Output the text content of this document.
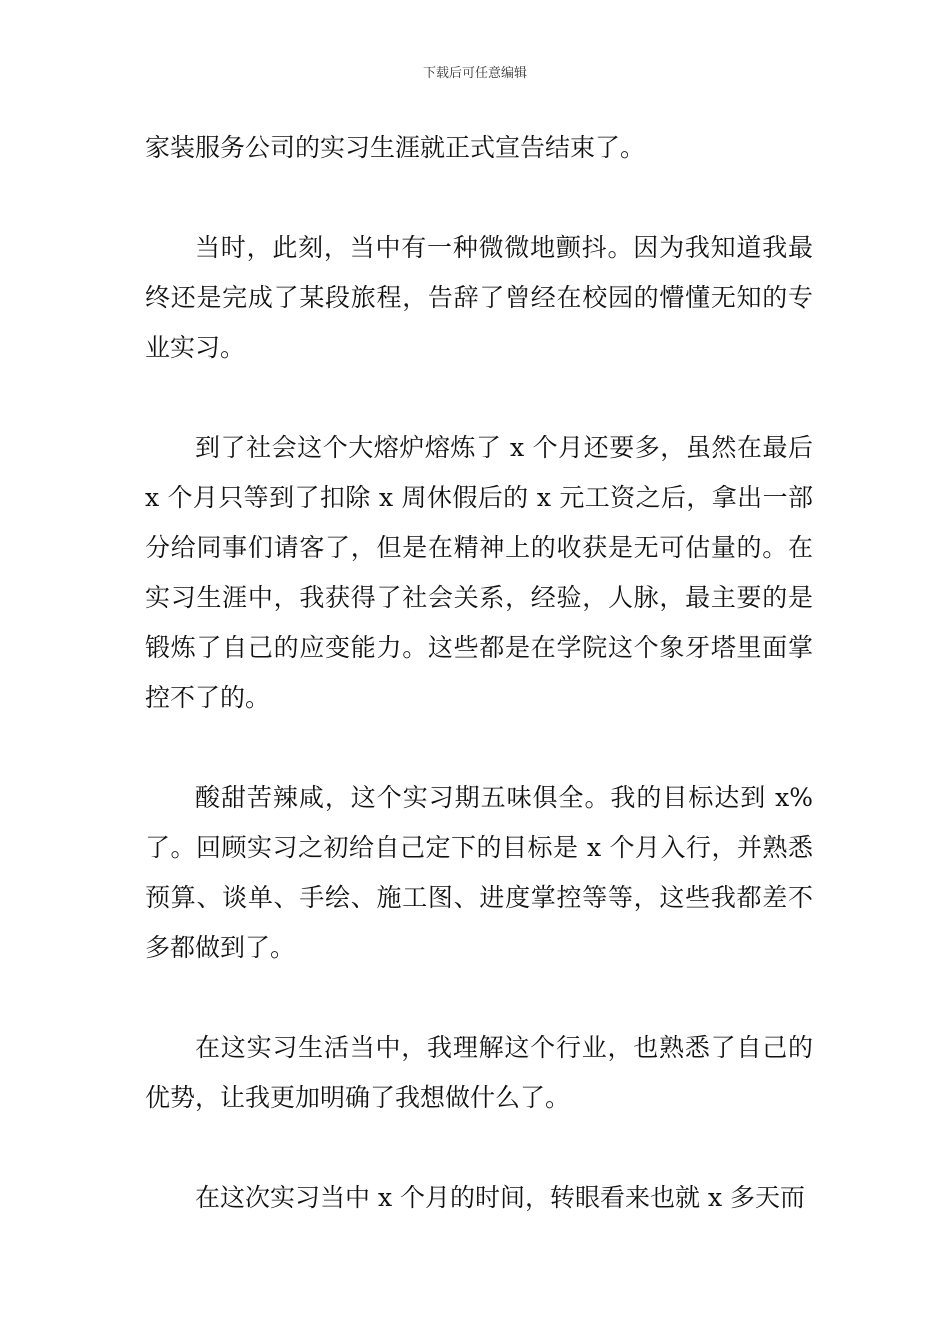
下载后可任意编辑

家装服务公司的实习生涯就正式宣告结束了。

当时，此刻，当中有一种微微地颤抖。因为我知道我最终还是完成了某段旅程，告辞了曾经在校园的懵懂无知的专业实习。

到了社会这个大熔炉熔炼了 x 个月还要多，虽然在最后 x 个月只等到了扣除 x 周休假后的 x 元工资之后，拿出一部分给同事们请客了，但是在精神上的收获是无可估量的。在实习生涯中，我获得了社会关系，经验，人脉，最主要的是锻炼了自己的应变能力。这些都是在学院这个象牙塔里面掌控不了的。

酸甜苦辣咸，这个实习期五味俱全。我的目标达到 x% 了。回顾实习之初给自己定下的目标是 x 个月入行，并熟悉预算、谈单、手绘、施工图、进度掌控等等，这些我都差不多都做到了。

在这实习生活当中，我理解这个行业，也熟悉了自己的优势，让我更加明确了我想做什么了。

在这次实习当中 x 个月的时间，转眼看来也就 x 多天而
